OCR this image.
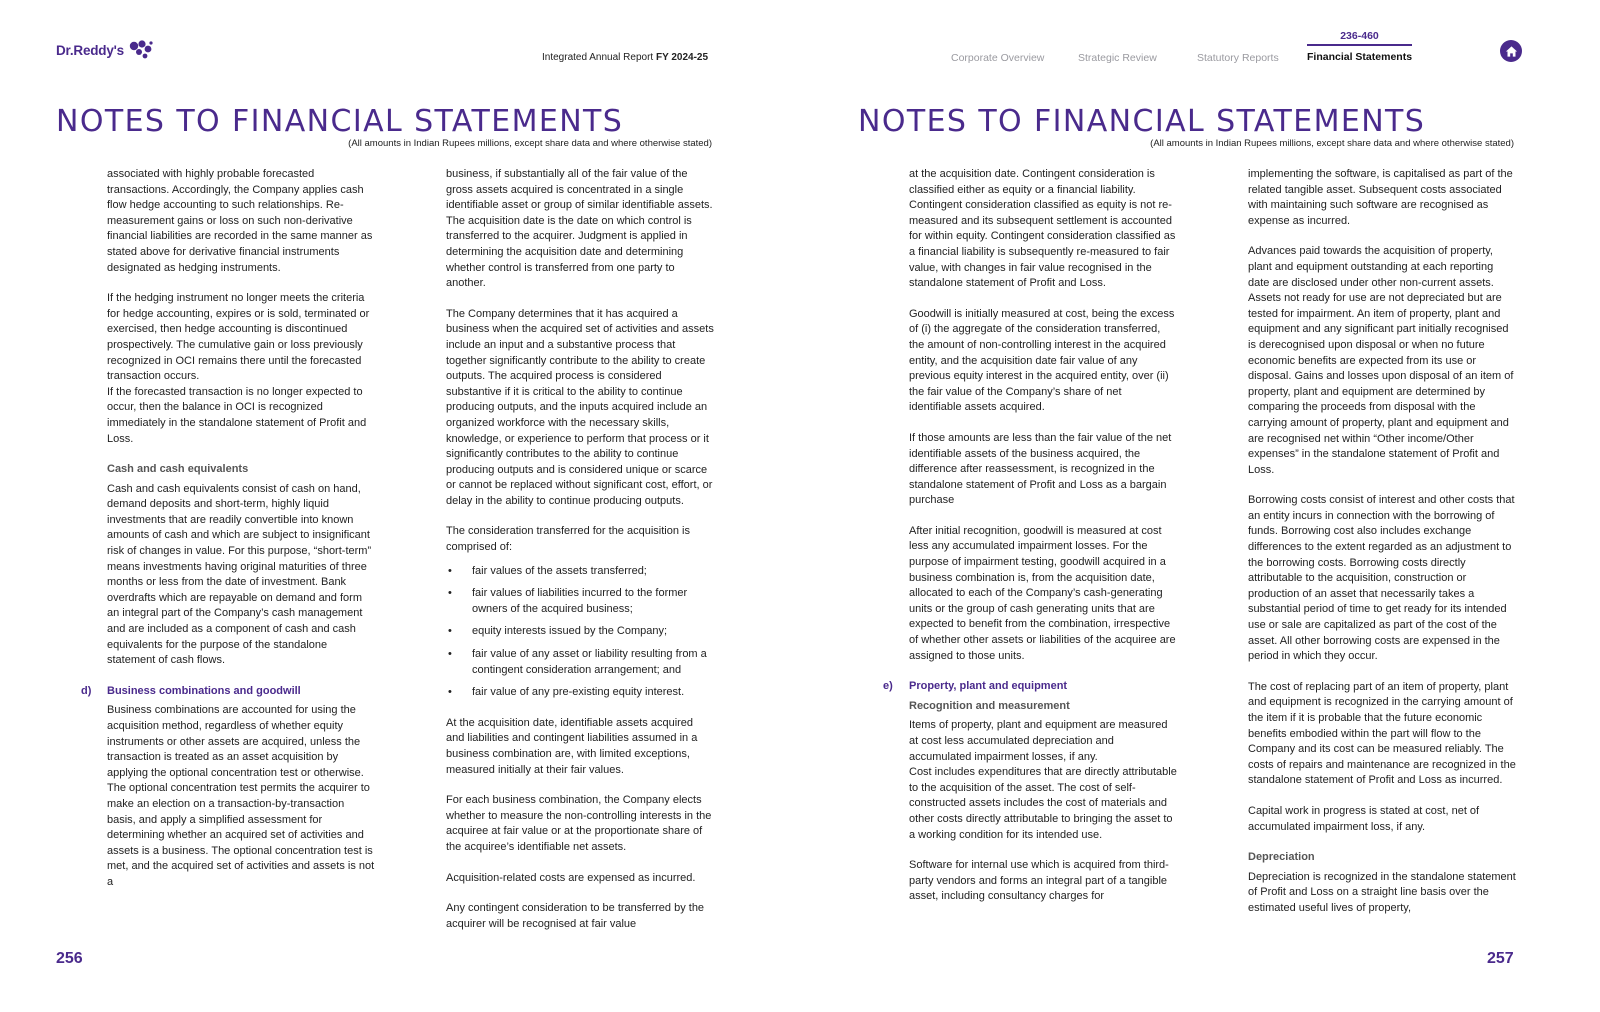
Dr.Reddy's	Integrated Annual Report FY 2024-25	Corporate Overview	Strategic Review	Statutory Reports
236-460
Financial Statements
NOTES TO FINANCIAL STATEMENTS
(All amounts in Indian Rupees millions, except share data and where otherwise stated)
NOTES TO FINANCIAL STATEMENTS
(All amounts in Indian Rupees millions, except share data and where otherwise stated)

associated with highly probable forecasted transactions. Accordingly, the Company applies cash flow hedge accounting to such relationships. Re-measurement gains or loss on such non-derivative financial liabilities are recorded in the same manner as stated above for derivative financial instruments designated as hedging instruments.

If the hedging instrument no longer meets the criteria for hedge accounting, expires or is sold, terminated or exercised, then hedge accounting is discontinued prospectively. The cumulative gain or loss previously recognized in OCI remains there until the forecasted transaction occurs.

If the forecasted transaction is no longer expected to occur, then the balance in OCI is recognized immediately in the standalone statement of Profit and Loss.

Cash and cash equivalents

Cash and cash equivalents consist of cash on hand, demand deposits and short-term, highly liquid investments that are readily convertible into known amounts of cash and which are subject to insignificant risk of changes in value. For this purpose, “short-term” means investments having original maturities of three months or less from the date of investment. Bank overdrafts which are repayable on demand and form an integral part of the Company’s cash management and are included as a component of cash and cash equivalents for the purpose of the standalone statement of cash flows.

d) Business combinations and goodwill

Business combinations are accounted for using the acquisition method, regardless of whether equity instruments or other assets are acquired, unless the transaction is treated as an asset acquisition by applying the optional concentration test or otherwise. The optional concentration test permits the acquirer to make an election on a transaction-by-transaction basis, and apply a simplified assessment for determining whether an acquired set of activities and assets is a business. The optional concentration test is met, and the acquired set of activities and assets is not a

business, if substantially all of the fair value of the gross assets acquired is concentrated in a single identifiable asset or group of similar identifiable assets. The acquisition date is the date on which control is transferred to the acquirer. Judgment is applied in determining the acquisition date and determining whether control is transferred from one party to another.

The Company determines that it has acquired a business when the acquired set of activities and assets include an input and a substantive process that together significantly contribute to the ability to create outputs. The acquired process is considered substantive if it is critical to the ability to continue producing outputs, and the inputs acquired include an organized workforce with the necessary skills, knowledge, or experience to perform that process or it significantly contributes to the ability to continue producing outputs and is considered unique or scarce or cannot be replaced without significant cost, effort, or delay in the ability to continue producing outputs.

The consideration transferred for the acquisition is comprised of:

• fair values of the assets transferred;
• fair values of liabilities incurred to the former owners of the acquired business;
• equity interests issued by the Company;
• fair value of any asset or liability resulting from a contingent consideration arrangement; and
• fair value of any pre-existing equity interest.

At the acquisition date, identifiable assets acquired and liabilities and contingent liabilities assumed in a business combination are, with limited exceptions, measured initially at their fair values.

For each business combination, the Company elects whether to measure the non-controlling interests in the acquiree at fair value or at the proportionate share of the acquiree’s identifiable net assets.

Acquisition-related costs are expensed as incurred.

Any contingent consideration to be transferred by the acquirer will be recognised at fair value

at the acquisition date. Contingent consideration is classified either as equity or a financial liability. Contingent consideration classified as equity is not re-measured and its subsequent settlement is accounted for within equity. Contingent consideration classified as a financial liability is subsequently re-measured to fair value, with changes in fair value recognised in the standalone statement of Profit and Loss.

Goodwill is initially measured at cost, being the excess of (i) the aggregate of the consideration transferred, the amount of non-controlling interest in the acquired entity, and the acquisition date fair value of any previous equity interest in the acquired entity, over (ii) the fair value of the Company’s share of net identifiable assets acquired.

If those amounts are less than the fair value of the net identifiable assets of the business acquired, the difference after reassessment, is recognized in the standalone statement of Profit and Loss as a bargain purchase

After initial recognition, goodwill is measured at cost less any accumulated impairment losses. For the purpose of impairment testing, goodwill acquired in a business combination is, from the acquisition date, allocated to each of the Company’s cash-generating units or the group of cash generating units that are expected to benefit from the combination, irrespective of whether other assets or liabilities of the acquiree are assigned to those units.

e) Property, plant and equipment
Recognition and measurement

Items of property, plant and equipment are measured at cost less accumulated depreciation and accumulated impairment losses, if any.

Cost includes expenditures that are directly attributable to the acquisition of the asset. The cost of self-constructed assets includes the cost of materials and other costs directly attributable to bringing the asset to a working condition for its intended use.

Software for internal use which is acquired from third-party vendors and forms an integral part of a tangible asset, including consultancy charges for

implementing the software, is capitalised as part of the related tangible asset. Subsequent costs associated with maintaining such software are recognised as expense as incurred.

Advances paid towards the acquisition of property, plant and equipment outstanding at each reporting date are disclosed under other non-current assets. Assets not ready for use are not depreciated but are tested for impairment. An item of property, plant and equipment and any significant part initially recognised is derecognised upon disposal or when no future economic benefits are expected from its use or disposal. Gains and losses upon disposal of an item of property, plant and equipment are determined by comparing the proceeds from disposal with the carrying amount of property, plant and equipment and are recognised net within “Other income/Other expenses” in the standalone statement of Profit and Loss.

Borrowing costs consist of interest and other costs that an entity incurs in connection with the borrowing of funds. Borrowing cost also includes exchange differences to the extent regarded as an adjustment to the borrowing costs. Borrowing costs directly attributable to the acquisition, construction or production of an asset that necessarily takes a substantial period of time to get ready for its intended use or sale are capitalized as part of the cost of the asset. All other borrowing costs are expensed in the period in which they occur.

The cost of replacing part of an item of property, plant and equipment is recognized in the carrying amount of the item if it is probable that the future economic benefits embodied within the part will flow to the Company and its cost can be measured reliably. The costs of repairs and maintenance are recognized in the standalone statement of Profit and Loss as incurred.

Capital work in progress is stated at cost, net of accumulated impairment loss, if any.

Depreciation

Depreciation is recognized in the standalone statement of Profit and Loss on a straight line basis over the estimated useful lives of property,

256	257
